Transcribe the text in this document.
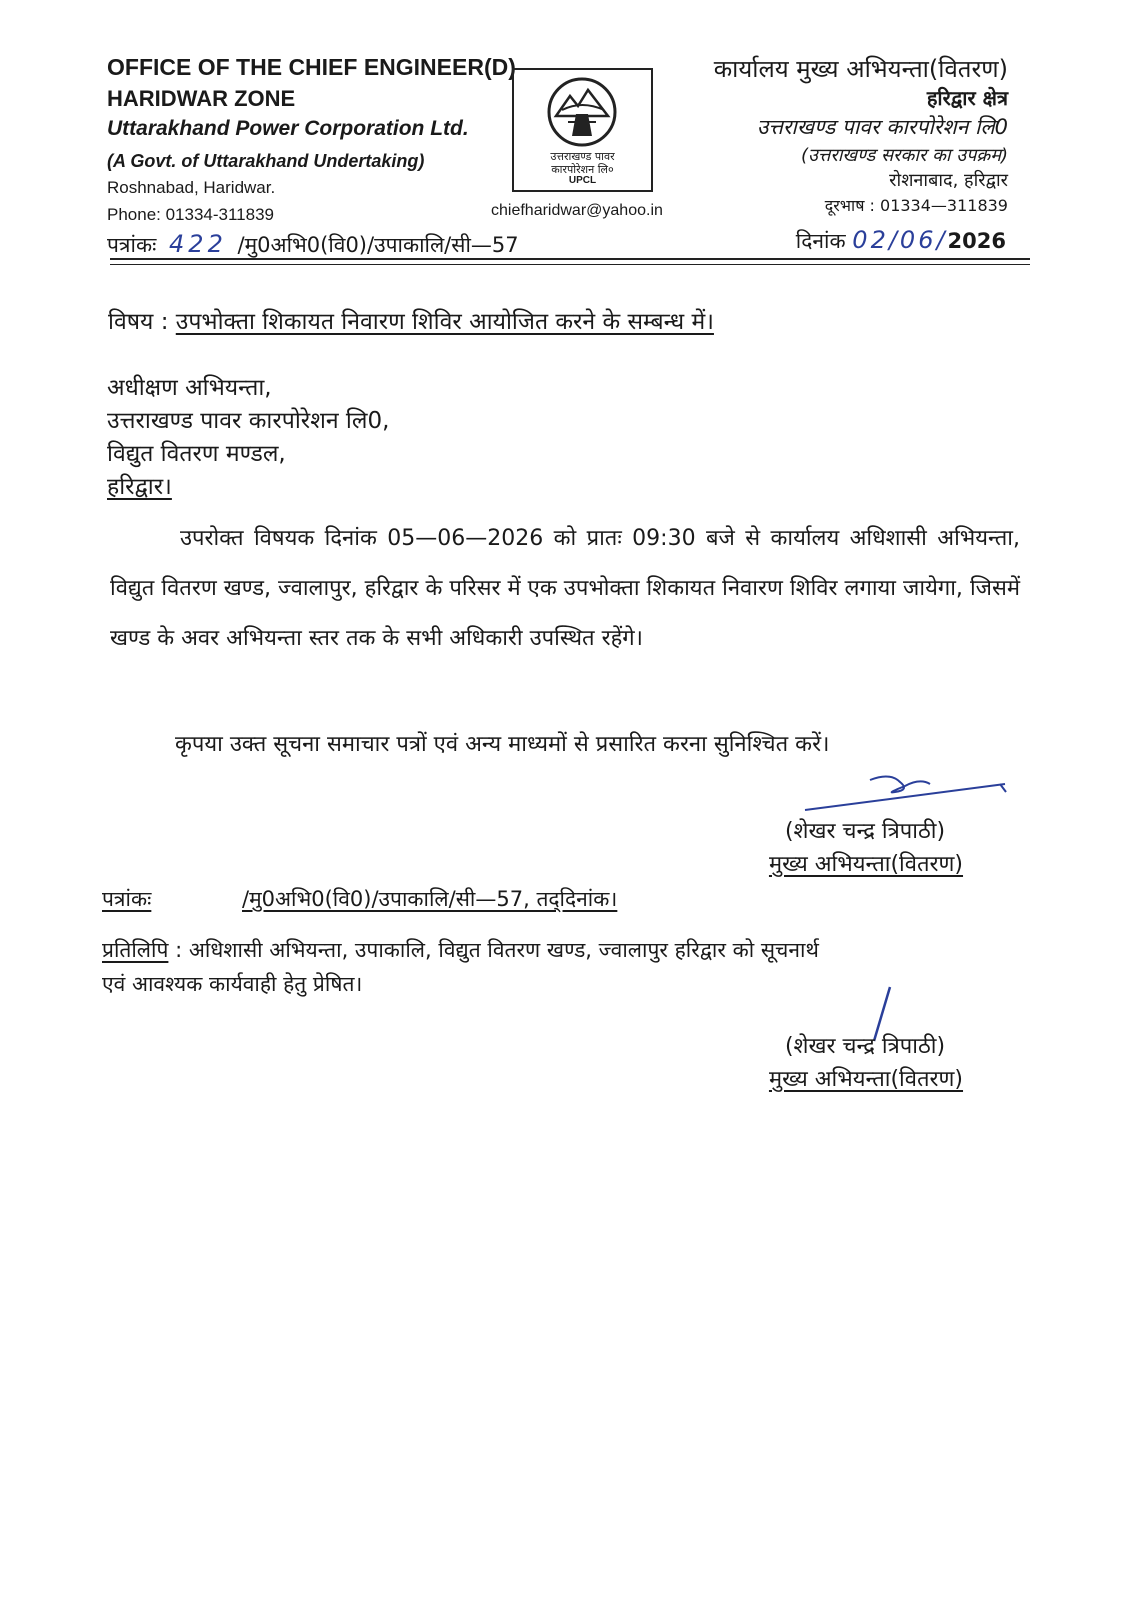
OFFICE OF THE CHIEF ENGINEER(D)
HARIDWAR ZONE
Uttarakhand Power Corporation Ltd.
(A Govt. of Uttarakhand Undertaking)
Roshnabad, Haridwar.
Phone: 01334-311839
उत्तराखण्ड पावर
कारपोरेशन लि०
UPCL
chiefharidwar@yahoo.in
कार्यालय मुख्य अभियन्ता(वितरण)
हरिद्वार क्षेत्र
उत्तराखण्ड पावर कारपोरेशन लि0
(उत्तराखण्ड सरकार का उपक्रम)
रोशनाबाद, हरिद्वार
दूरभाष : 01334—311839
पत्रांकः 422 /मु0अभि0(वि0)/उपाकालि/सी—57	दिनांक 02/06/2026
विषय : उपभोक्ता शिकायत निवारण शिविर आयोजित करने के सम्बन्ध में।
अधीक्षण अभियन्ता,
उत्तराखण्ड पावर कारपोरेशन लि0,
विद्युत वितरण मण्डल,
हरिद्वार।
उपरोक्त विषयक दिनांक 05—06—2026 को प्रातः 09:30 बजे से कार्यालय अधिशासी अभियन्ता, विद्युत वितरण खण्ड, ज्वालापुर, हरिद्वार के परिसर में एक उपभोक्ता शिकायत निवारण शिविर लगाया जायेगा, जिसमें खण्ड के अवर अभियन्ता स्तर तक के सभी अधिकारी उपस्थित रहेंगे।
कृपया उक्त सूचना समाचार पत्रों एवं अन्य माध्यमों से प्रसारित करना सुनिश्चित करें।
(शेखर चन्द्र त्रिपाठी)
मुख्य अभियन्ता(वितरण)
पत्रांकः	/मु0अभि0(वि0)/उपाकालि/सी—57, तद्‌दिनांक।
प्रतिलिपि : अधिशासी अभियन्ता, उपाकालि, विद्युत वितरण खण्ड, ज्वालापुर हरिद्वार को सूचनार्थ
एवं आवश्यक कार्यवाही हेतु प्रेषित।
(शेखर चन्द्र त्रिपाठी)
मुख्य अभियन्ता(वितरण)
